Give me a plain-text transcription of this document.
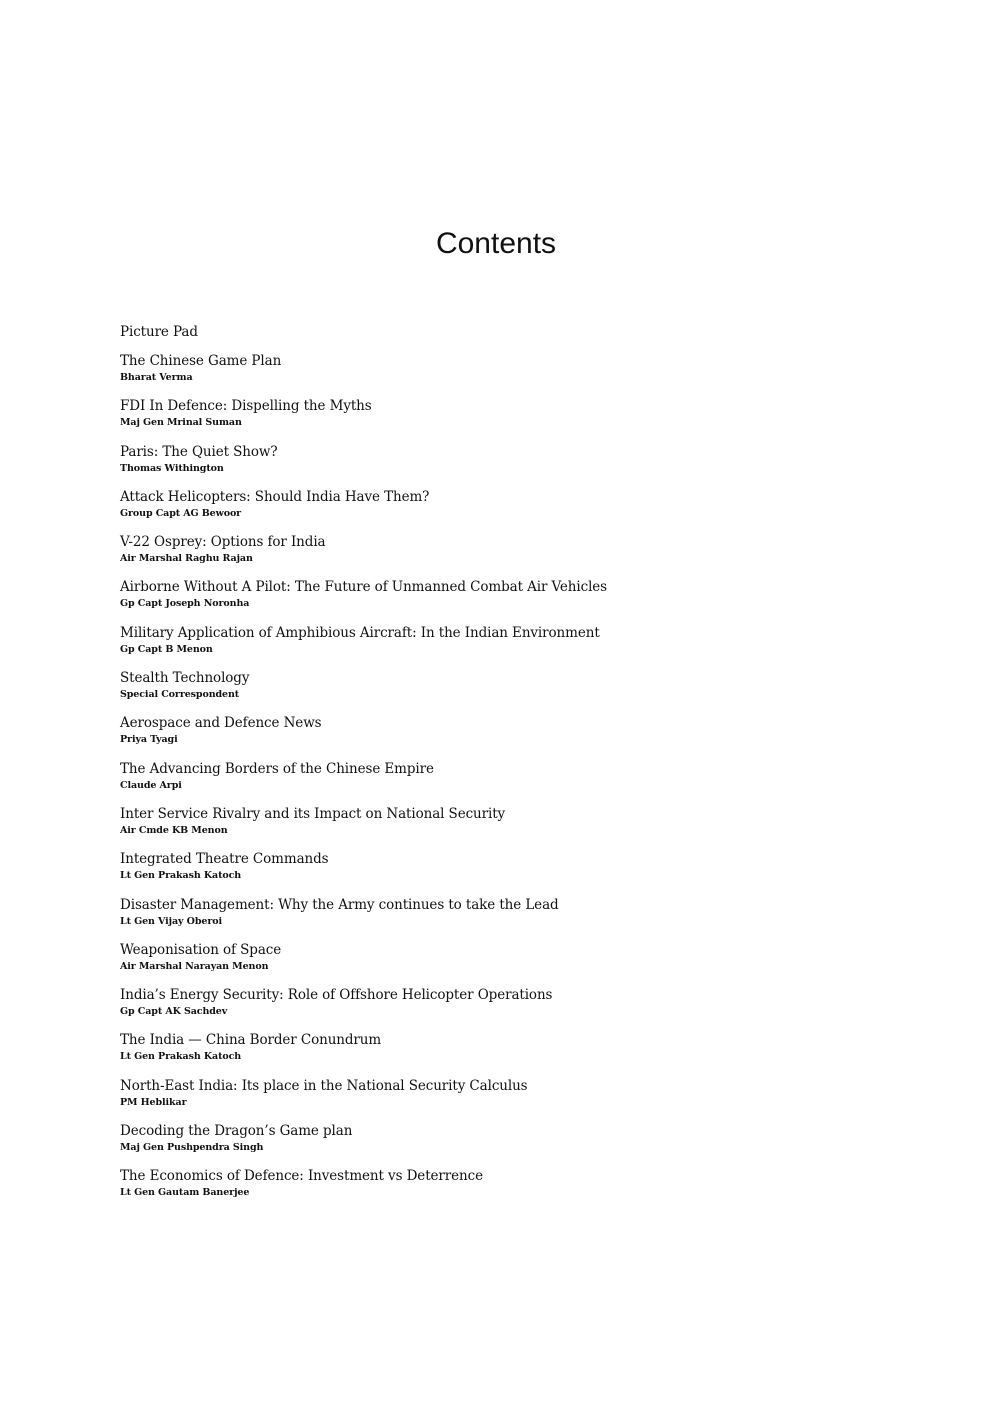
Contents
Picture Pad
The Chinese Game Plan
Bharat Verma
FDI In Defence: Dispelling the Myths
Maj Gen Mrinal Suman
Paris: The Quiet Show?
Thomas Withington
Attack Helicopters: Should India Have Them?
Group Capt AG Bewoor
V-22 Osprey: Options for India
Air Marshal Raghu Rajan
Airborne Without A Pilot: The Future of Unmanned Combat Air Vehicles
Gp Capt Joseph Noronha
Military Application of Amphibious Aircraft: In the Indian Environment
Gp Capt B Menon
Stealth Technology
Special Correspondent
Aerospace and Defence News
Priya Tyagi
The Advancing Borders of the Chinese Empire
Claude Arpi
Inter Service Rivalry and its Impact on National Security
Air Cmde KB Menon
Integrated Theatre Commands
Lt Gen Prakash Katoch
Disaster Management: Why the Army continues to take the Lead
Lt Gen Vijay Oberoi
Weaponisation of Space
Air Marshal Narayan Menon
India’s Energy Security: Role of Offshore Helicopter Operations
Gp Capt AK Sachdev
The India — China Border Conundrum
Lt Gen Prakash Katoch
North-East India: Its place in the National Security Calculus
PM Heblikar
Decoding the Dragon’s Game plan
Maj Gen Pushpendra Singh
The Economics of Defence: Investment vs Deterrence
Lt Gen Gautam Banerjee
